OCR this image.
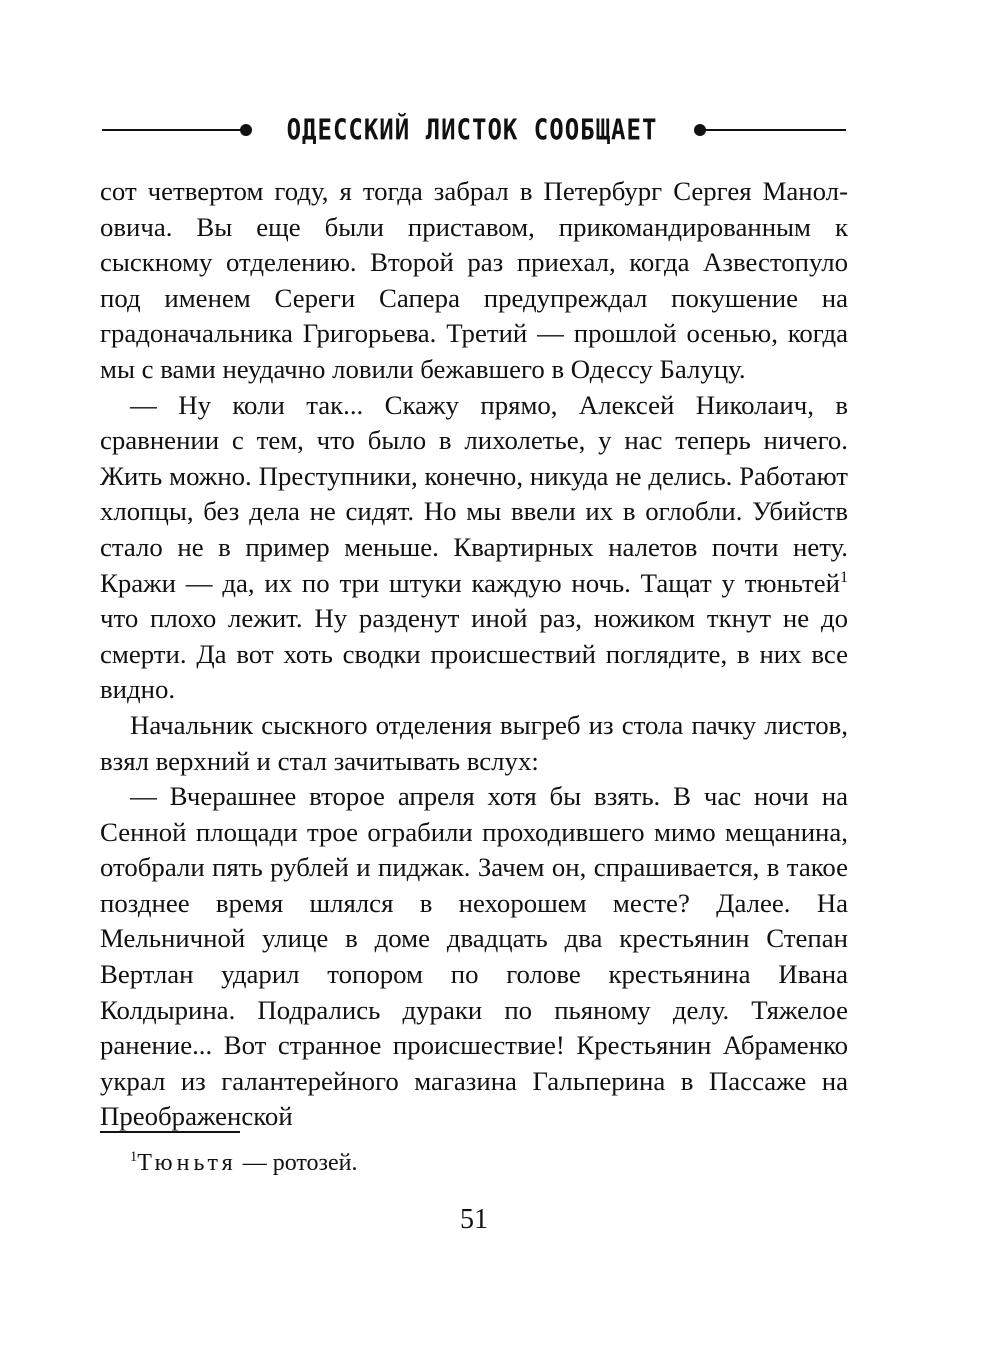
ОДЕССКИЙ ЛИСТОК СООБЩАЕТ

сот четвертом году, я тогда забрал в Петербург Сергея Маноловича. Вы еще были приставом, прикомандированным к сыскному отделению. Второй раз приехал, когда Азвестопуло под именем Сереги Сапера предупреждал покушение на градоначальника Григорьева. Третий — прошлой осенью, когда мы с вами неудачно ловили бежавшего в Одессу Балуцу.

— Ну коли так... Скажу прямо, Алексей Николаич, в сравнении с тем, что было в лихолетье, у нас теперь ничего. Жить можно. Преступники, конечно, никуда не делись. Работают хлопцы, без дела не сидят. Но мы ввели их в оглобли. Убийств стало не в пример меньше. Квартирных налетов почти нету. Кражи — да, их по три штуки каждую ночь. Тащат у тюньтей$^1$ что плохо лежит. Ну разденут иной раз, ножиком ткнут не до смерти. Да вот хоть сводки происшествий поглядите, в них все видно.

Начальник сыскного отделения выгреб из стола пачку листов, взял верхний и стал зачитывать вслух:

— Вчерашнее второе апреля хотя бы взять. В час ночи на Сенной площади трое ограбили проходившего мимо мещанина, отобрали пять рублей и пиджак. Зачем он, спрашивается, в такое позднее время шлялся в нехорошем месте? Далее. На Мельничной улице в доме двадцать два крестьянин Степан Вертлан ударил топором по голове крестьянина Ивана Колдырина. Подрались дураки по пьяному делу. Тяжелое ранение... Вот странное происшествие! Крестьянин Абраменко украл из галантерейного магазина Гальперина в Пассаже на Преображенской

$^1$Тюньтя — ротозей.
51
